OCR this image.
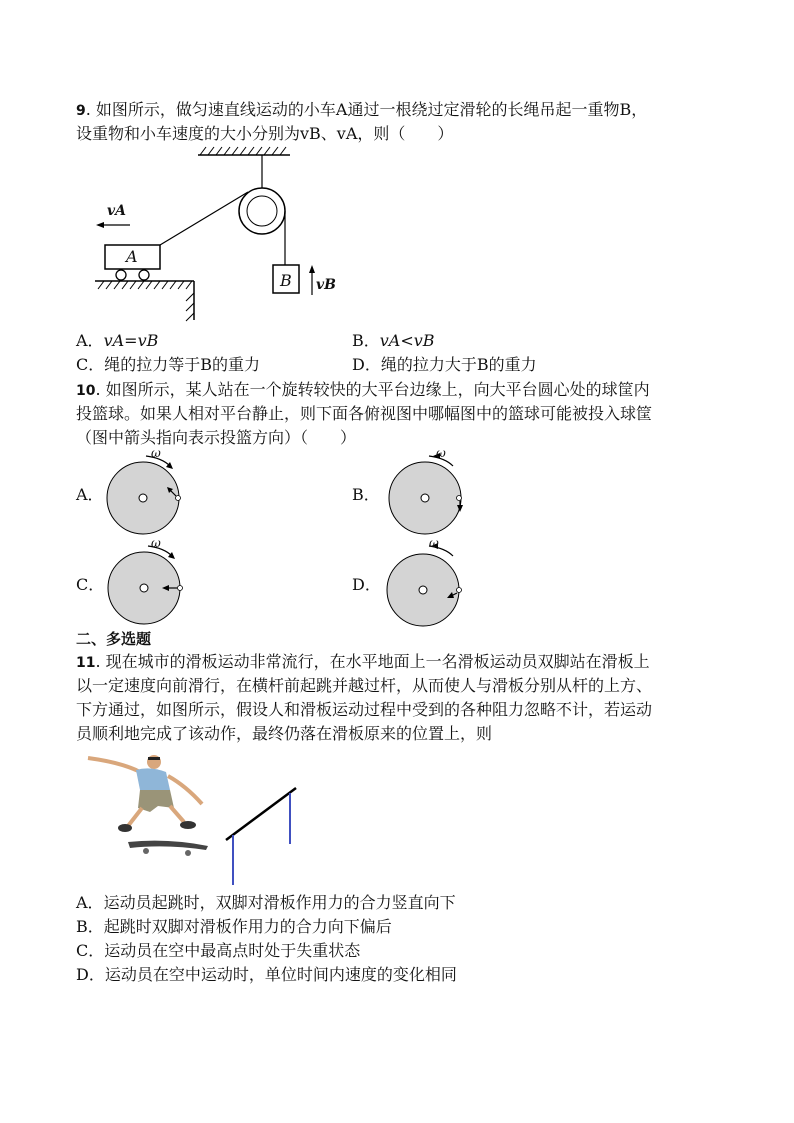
9. 如图所示，做匀速直线运动的小车A通过一根绕过定滑轮的长绳吊起一重物B，
设重物和小车速度的大小分别为vB、vA，则（　　）
vA
A
B vB
A．vA=vB	B．vA<vB
C．绳的拉力等于B的重力	D．绳的拉力大于B的重力
10. 如图所示，某人站在一个旋转较快的大平台边缘上，向大平台圆心处的球筐内
投篮球。如果人相对平台静止，则下面各俯视图中哪幅图中的篮球可能被投入球筐
（图中箭头指向表示投篮方向）（　　）
A．
ω
B．
ω
C．
ω
D．
ω
二、多选题
11. 现在城市的滑板运动非常流行，在水平地面上一名滑板运动员双脚站在滑板上
以一定速度向前滑行，在横杆前起跳并越过杆，从而使人与滑板分别从杆的上方、
下方通过，如图所示，假设人和滑板运动过程中受到的各种阻力忽略不计，若运动
员顺利地完成了该动作，最终仍落在滑板原来的位置上，则
A．运动员起跳时，双脚对滑板作用力的合力竖直向下
B．起跳时双脚对滑板作用力的合力向下偏后
C．运动员在空中最高点时处于失重状态
D．运动员在空中运动时，单位时间内速度的变化相同
